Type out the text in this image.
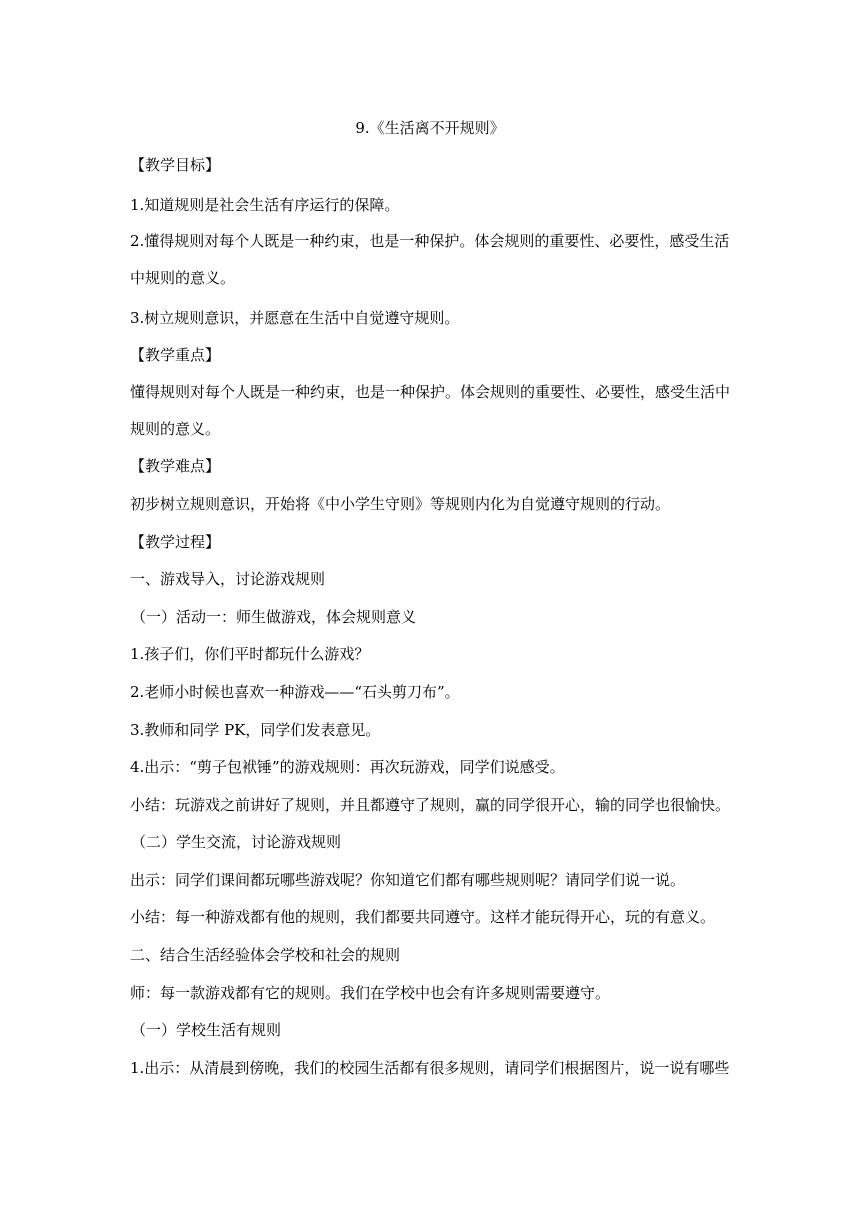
9.《生活离不开规则》
【教学目标】
1.知道规则是社会生活有序运行的保障。
2.懂得规则对每个人既是一种约束，也是一种保护。体会规则的重要性、必要性，感受生活
中规则的意义。
3.树立规则意识，并愿意在生活中自觉遵守规则。
【教学重点】
懂得规则对每个人既是一种约束，也是一种保护。体会规则的重要性、必要性，感受生活中
规则的意义。
【教学难点】
初步树立规则意识，开始将《中小学生守则》等规则内化为自觉遵守规则的行动。
【教学过程】
一、游戏导入，讨论游戏规则
（一）活动一：师生做游戏，体会规则意义
1.孩子们，你们平时都玩什么游戏？
2.老师小时候也喜欢一种游戏——“石头剪刀布”。
3.教师和同学 PK，同学们发表意见。
4.出示：“剪子包袱锤”的游戏规则：再次玩游戏，同学们说感受。
小结：玩游戏之前讲好了规则，并且都遵守了规则，赢的同学很开心，输的同学也很愉快。
（二）学生交流，讨论游戏规则
出示：同学们课间都玩哪些游戏呢？你知道它们都有哪些规则呢？请同学们说一说。
小结：每一种游戏都有他的规则，我们都要共同遵守。这样才能玩得开心，玩的有意义。
二、结合生活经验体会学校和社会的规则
师：每一款游戏都有它的规则。我们在学校中也会有许多规则需要遵守。
（一）学校生活有规则
1.出示：从清晨到傍晚，我们的校园生活都有很多规则，请同学们根据图片，说一说有哪些
